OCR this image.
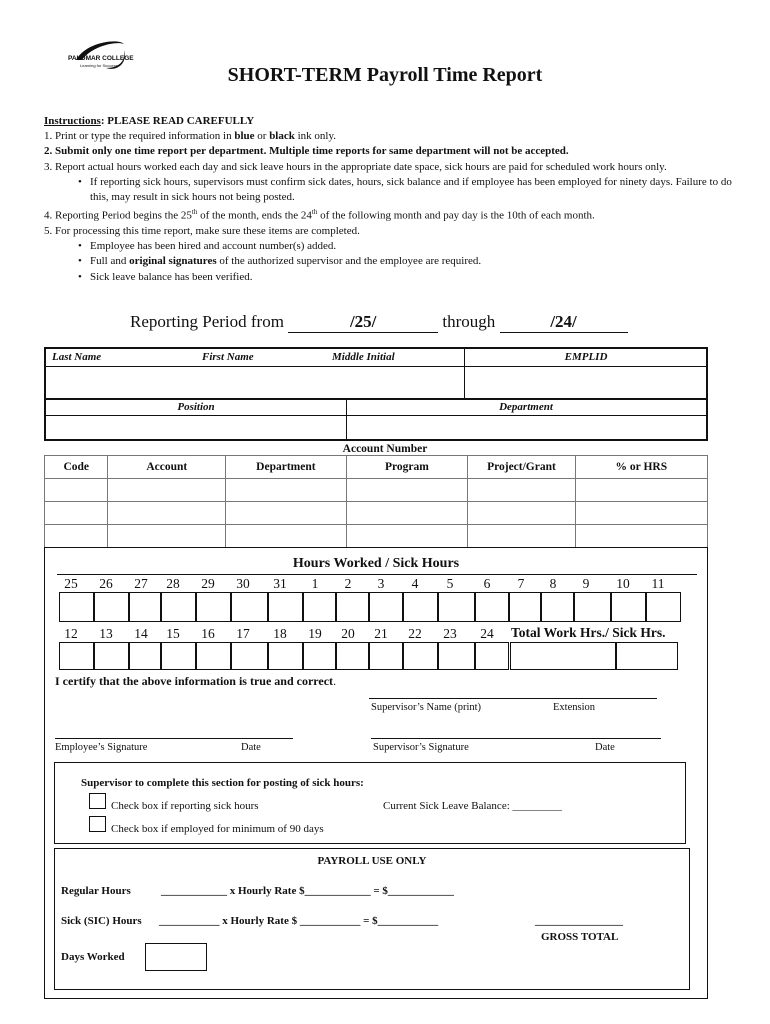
PALOMAR COLLEGE
Learning for Success	SHORT-TERM Payroll Time Report

Instructions: PLEASE READ CAREFULLY

1. Print or type the required information in blue or black ink only.

2. Submit only one time report per department. Multiple time reports for same department will not be accepted.

3. Report actual hours worked each day and sick leave hours in the appropriate date space, sick hours are paid for scheduled work hours only.

• If reporting sick hours, supervisors must confirm sick dates, hours, sick balance and if employee has been employed for ninety days. Failure to do this, may result in sick hours not being posted.

4. Reporting Period begins the 25th of the month, ends the 24th of the following month and pay day is the 10th of each month.

5. For processing this time report, make sure these items are completed.

• Employee has been hired and account number(s) added.

• Full and original signatures of the authorized supervisor and the employee are required.

• Sick leave balance has been verified.

Reporting Period from	/25/	through	/24/
Last Name	First Name	Middle Initial	EMPLID
Position	Department
Account Number
Code	Account	Department	Program	Project/Grant	% or HRS

Hours Worked / Sick Hours
25	26	27	28	29	30	31	1	2	3	4	5	6	7	8	9	10	11
12	13	14	15	16	17	18	19	20	21	22	23	24	Total Work Hrs./ Sick Hrs.
I certify that the above information is true and correct.
Supervisor’s Name (print)	Extension
Employee’s Signature	Date	Supervisor’s Signature	Date
Supervisor to complete this section for posting of sick hours:
Check box if reporting sick hours	Current Sick Leave Balance: _________
Check box if employed for minimum of 90 days
PAYROLL USE ONLY
Regular Hours	____________ x Hourly Rate $____________ = $____________
Sick (SIC) Hours ___________ x Hourly Rate $ ___________ = $___________	________________
GROSS TOTAL
Days Worked
